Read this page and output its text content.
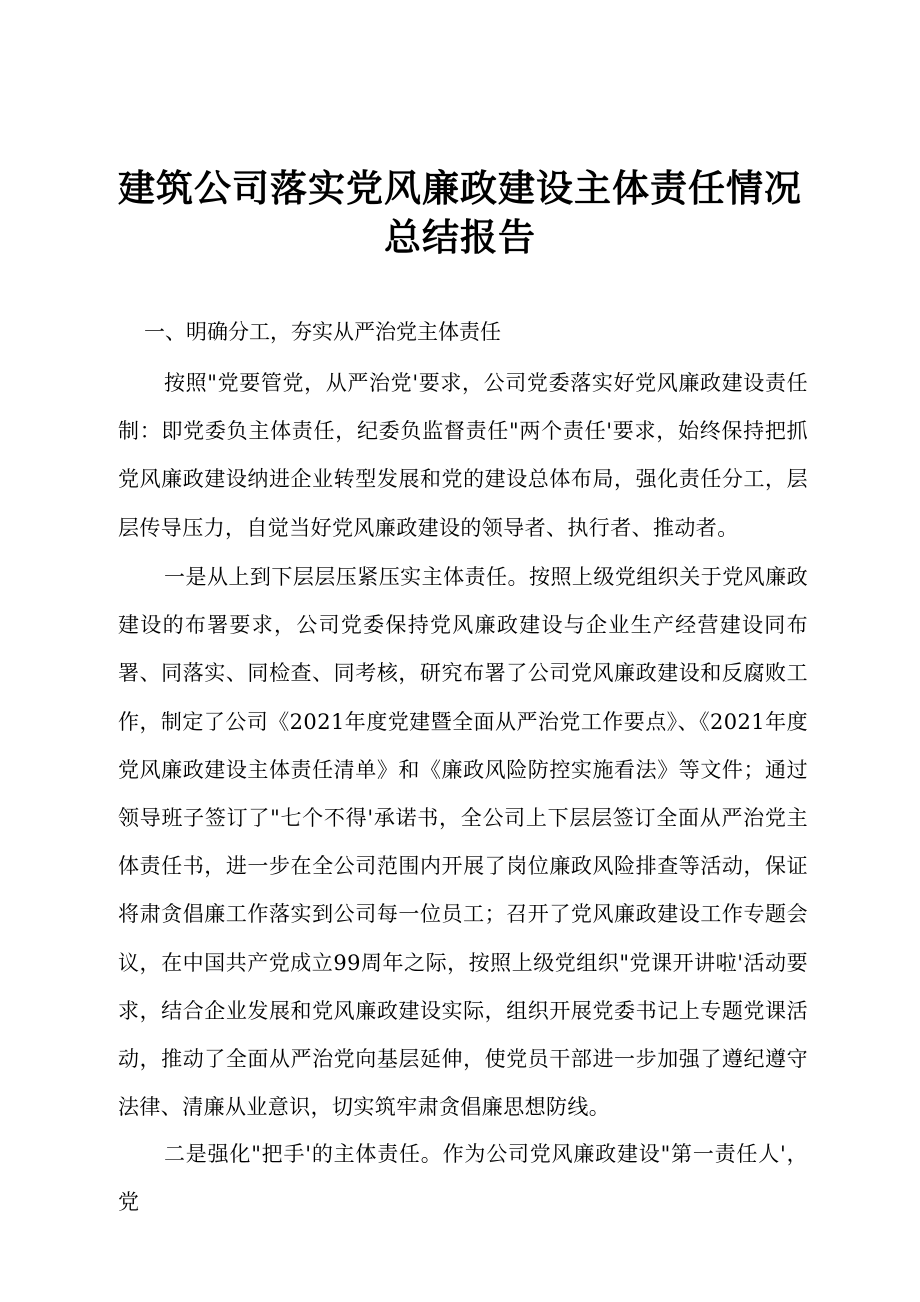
建筑公司落实党风廉政建设主体责任情况
总结报告

一、明确分工，夯实从严治党主体责任

按照"党要管党，从严治党'要求，公司党委落实好党风廉政建设责任制：即党委负主体责任，纪委负监督责任"两个责任'要求，始终保持把抓党风廉政建设纳进企业转型发展和党的建设总体布局，强化责任分工，层层传导压力，自觉当好党风廉政建设的领导者、执行者、推动者。

一是从上到下层层压紧压实主体责任。按照上级党组织关于党风廉政建设的布署要求，公司党委保持党风廉政建设与企业生产经营建设同布署、同落实、同检查、同考核，研究布署了公司党风廉政建设和反腐败工作，制定了公司《2021年度党建暨全面从严治党工作要点》、《2021年度党风廉政建设主体责任清单》和《廉政风险防控实施看法》等文件；通过领导班子签订了"七个不得'承诺书，全公司上下层层签订全面从严治党主体责任书，进一步在全公司范围内开展了岗位廉政风险排查等活动，保证将肃贪倡廉工作落实到公司每一位员工；召开了党风廉政建设工作专题会议，在中国共产党成立99周年之际，按照上级党组织"党课开讲啦'活动要求，结合企业发展和党风廉政建设实际，组织开展党委书记上专题党课活动，推动了全面从严治党向基层延伸，使党员干部进一步加强了遵纪遵守法律、清廉从业意识，切实筑牢肃贪倡廉思想防线。

二是强化"把手'的主体责任。作为公司党风廉政建设"第一责任人'，党
